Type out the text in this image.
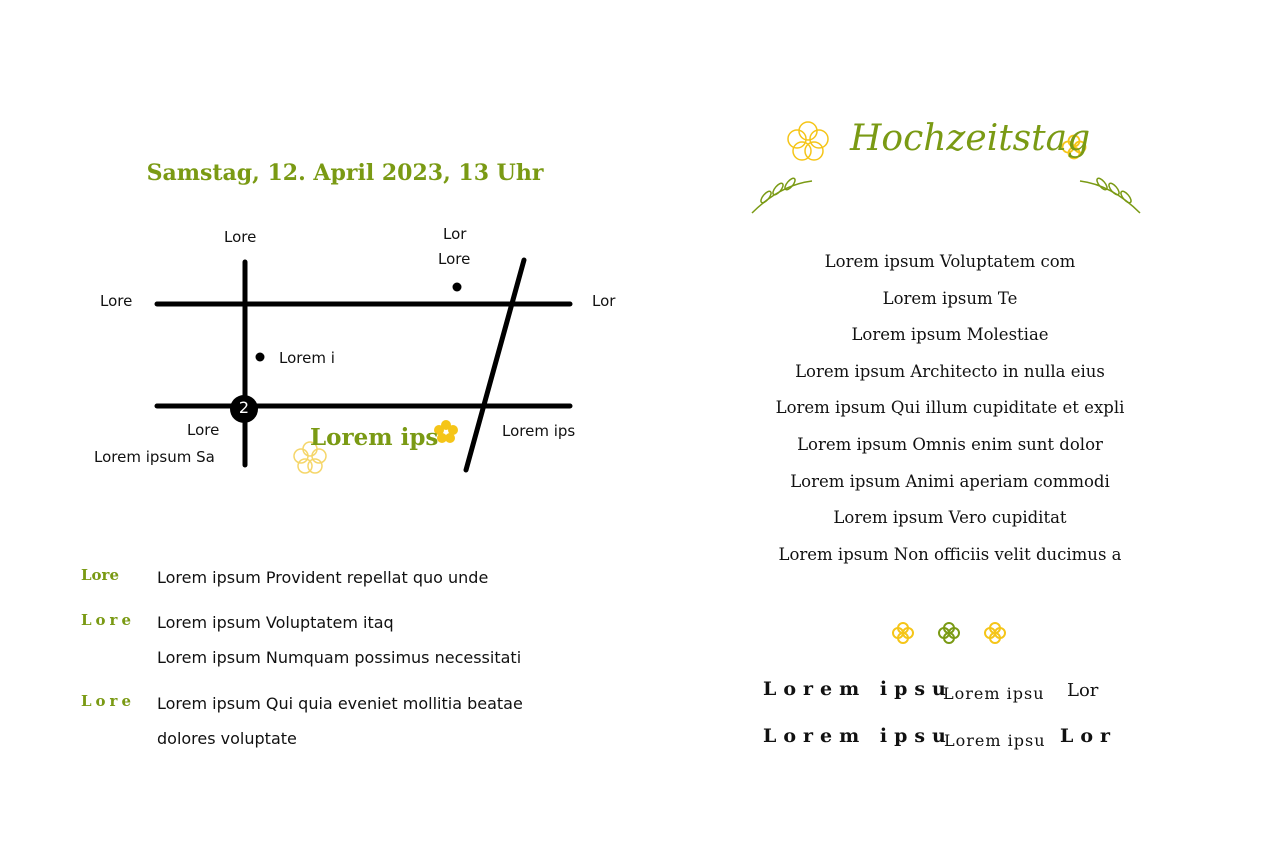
Samstag, 12. April 2023, 13 Uhr
2
Lore	Lor
Lore
Lore	Lor
Lorem i
Lore
Lorem ipsum Sa
Lorem ips
Lorem ips
Lore Lorem ipsum Provident repellat quo unde
Lore Lorem ipsum Voluptatem itaq
Lorem ipsum Numquam possimus necessitati
Lore Lorem ipsum Qui quia eveniet mollitia beatae
dolores voluptate
Hochzeitstag
Lorem ipsum Voluptatem com
Lorem ipsum Te
Lorem ipsum Molestiae
Lorem ipsum Architecto in nulla eius
Lorem ipsum Qui illum cupiditate et expli
Lorem ipsum Omnis enim sunt dolor
Lorem ipsum Animi aperiam commodi
Lorem ipsum Vero cupiditat
Lorem ipsum Non officiis velit ducimus a
Lorem ipsu
Lorem ipsu Lor
Lorem ipsu
Lorem ipsu Lor
